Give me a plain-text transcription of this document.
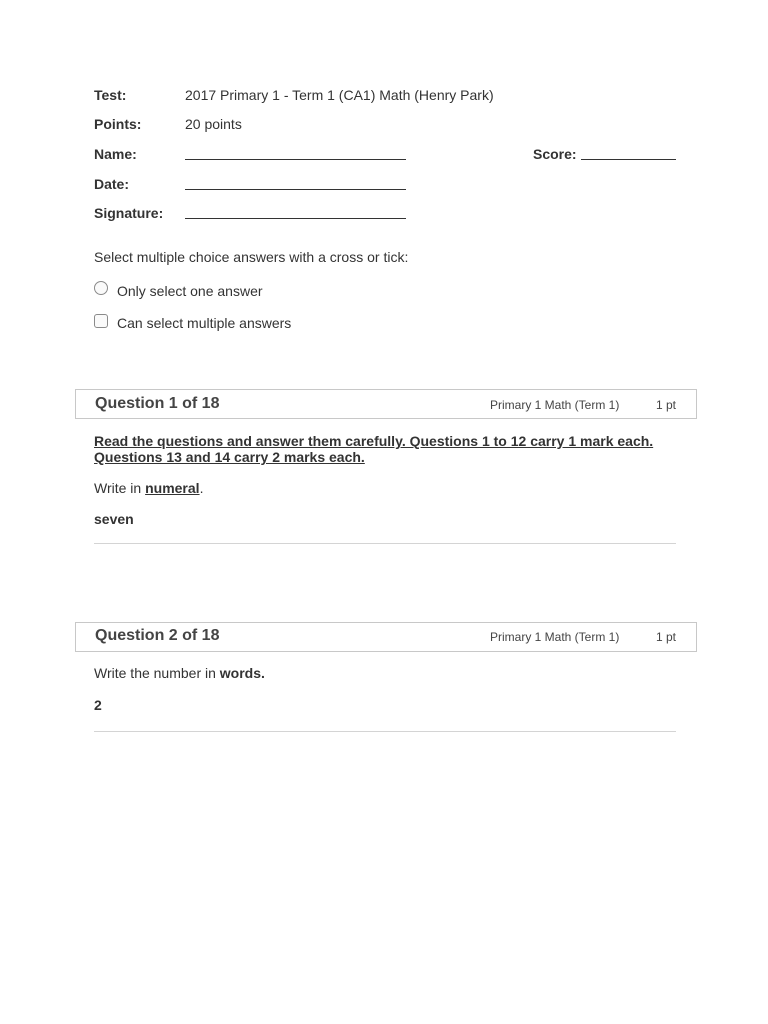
Test:	2017 Primary 1 - Term 1 (CA1) Math (Henry Park)
Points:	20 points
Name:	Score:
Date:
Signature:
Select multiple choice answers with a cross or tick:
Only select one answer
Can select multiple answers
Question 1 of 18	Primary 1 Math (Term 1)	1 pt
Read the questions and answer them carefully. Questions 1 to 12 carry 1 mark each.
Questions 13 and 14 carry 2 marks each.
Write in numeral.
seven
Question 2 of 18	Primary 1 Math (Term 1)	1 pt
Write the number in words.
2
